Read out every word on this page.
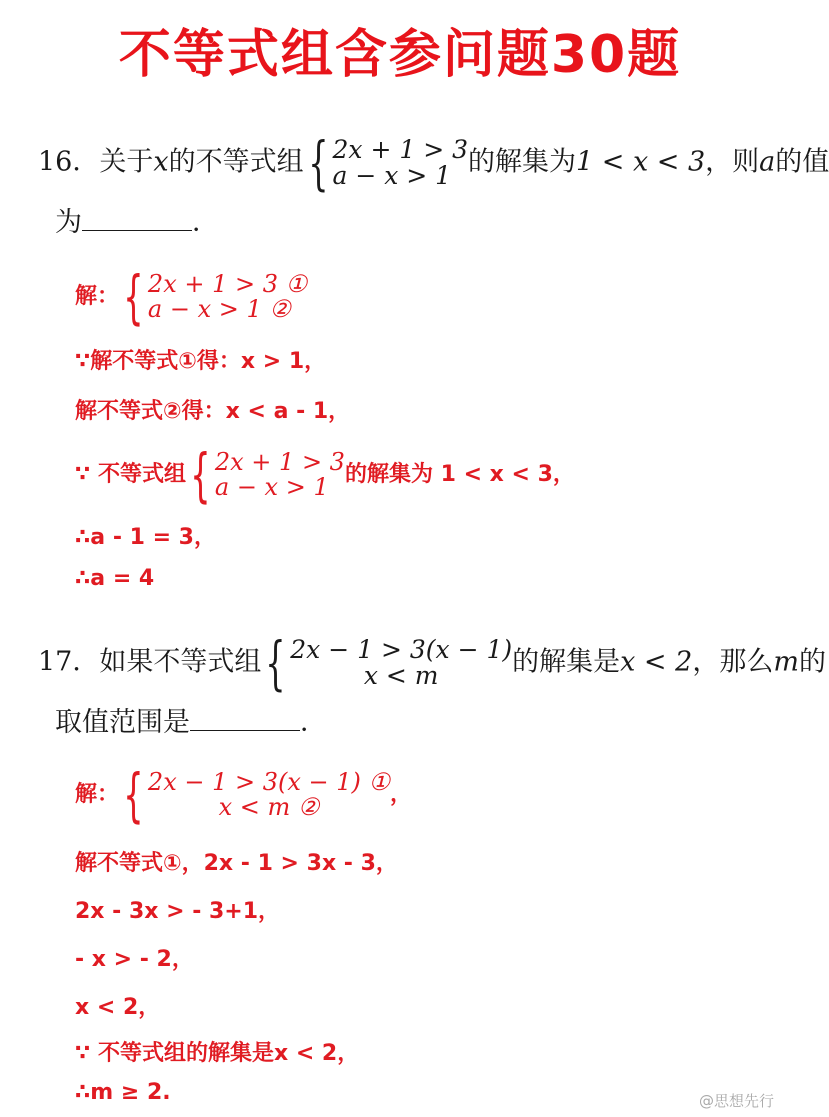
不等式组含参问题30题
16．关于x的不等式组 { 2x + 1 > 3
a − x > 1 的解集为1 < x < 3，则a的值
为	．
解： { 2x + 1 > 3 ①
a − x > 1 ②
∵解不等式①得：x > 1，
解不等式②得：x < a - 1，
∵ 不等式组 { 2x + 1 > 3
a − x > 1 的解集为 1 < x < 3，
∴a - 1 = 3，
∴a = 4
17．如果不等式组 { 2x − 1 > 3(x − 1)
x < m	的解集是x < 2，那么m的
取值范围是	．
解： { 2x − 1 > 3(x − 1) ①
x < m ②	，
解不等式①，2x - 1 > 3x - 3，
2x - 3x > - 3+1，
- x > - 2，
x < 2，
∵ 不等式组的解集是x < 2，
∴m ≥ 2.	@思想先行
